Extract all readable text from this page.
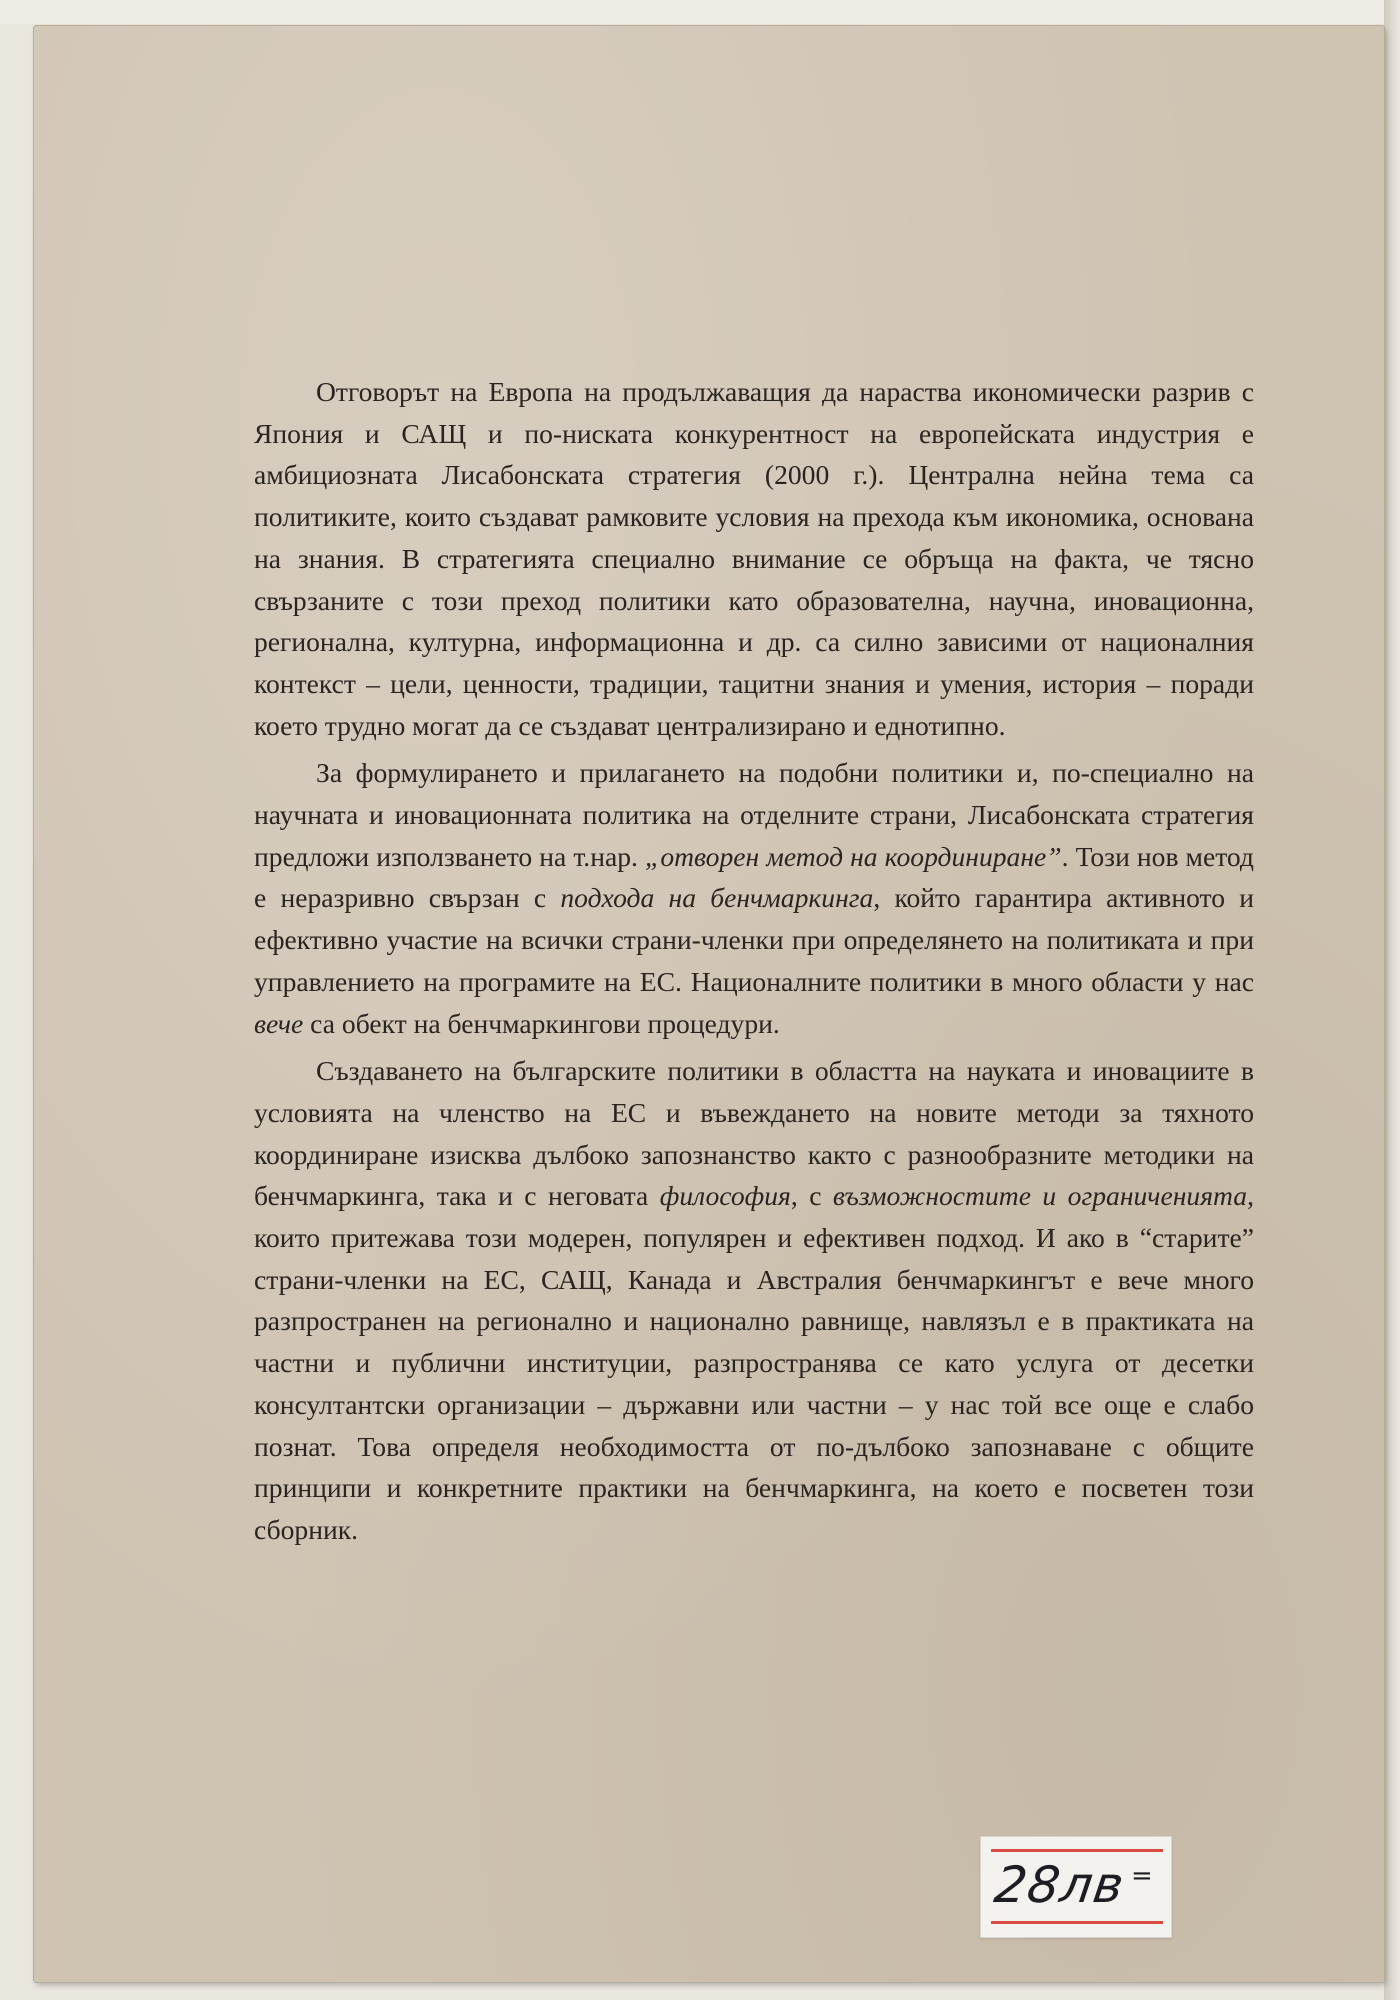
Отговорът на Европа на продължаващия да нараства икономически разрив с Япония и САЩ и по-ниската конкурентност на европейската индустрия е амбициозната Лисабонската стратегия (2000 г.). Централна нейна тема са политиките, които създават рамковите условия на прехода към икономика, основана на знания. В стратегията специално внимание се обръща на факта, че тясно свързаните с този преход политики като образователна, научна, иновационна, регионална, културна, информационна и др. са силно зависими от националния контекст – цели, ценности, традиции, тацитни знания и умения, история – поради което трудно могат да се създават централизирано и еднотипно.

За формулирането и прилагането на подобни политики и, по-специално на научната и иновационната политика на отделните страни, Лисабонската стратегия предложи използването на т.нар. „отворен метод на координиране”. Този нов метод е неразривно свързан с подхода на бенчмаркинга, който гарантира активното и ефективно участие на всички страни-членки при определянето на политиката и при управлението на програмите на ЕС. Националните политики в много области у нас вече са обект на бенчмаркингови процедури.

Създаването на българските политики в областта на науката и иновациите в условията на членство на ЕС и въвеждането на новите методи за тяхното координиране изисква дълбоко запознанство както с разнообразните методики на бенчмаркинга, така и с неговата философия, с възможностите и ограниченията, които притежава този модерен, популярен и ефективен подход. И ако в “старите” страни-членки на ЕС, САЩ, Канада и Австралия бенчмаркингът е вече много разпространен на регионално и национално равнище, навлязъл е в практиката на частни и публични институции, разпространява се като услуга от десетки консултантски организации – държавни или частни – у нас той все още е слабо познат. Това определя необходимостта от по-дълбоко запознаване с общите принципи и конкретните практики на бенчмаркинга, на което е посветен този сборник.

28лв =
